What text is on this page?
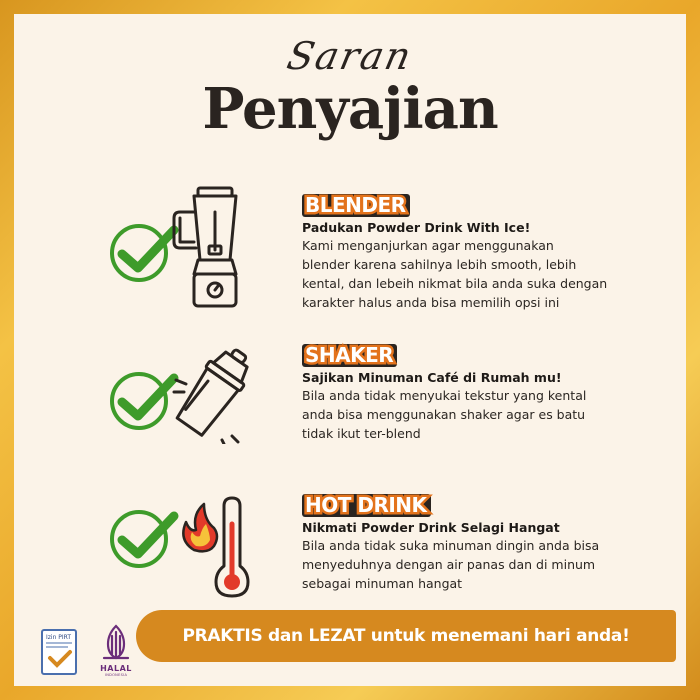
Saran
Penyajian
BLENDER
Padukan Powder Drink With Ice!
Kami menganjurkan agar menggunakan
blender karena sahilnya lebih smooth, lebih
kental, dan lebeih nikmat bila anda suka dengan
karakter halus anda bisa memilih opsi ini
SHAKER
Sajikan Minuman Café di Rumah mu!
Bila anda tidak menyukai tekstur yang kental
anda bisa menggunakan shaker agar es batu
tidak ikut ter-blend
HOT DRINK
Nikmati Powder Drink Selagi Hangat
Bila anda tidak suka minuman dingin anda bisa
menyeduhnya dengan air panas dan di minum
sebagai minuman hangat
Izin PIRT
HALAL
INDONESIA
PRAKTIS dan LEZAT untuk menemani hari anda!
